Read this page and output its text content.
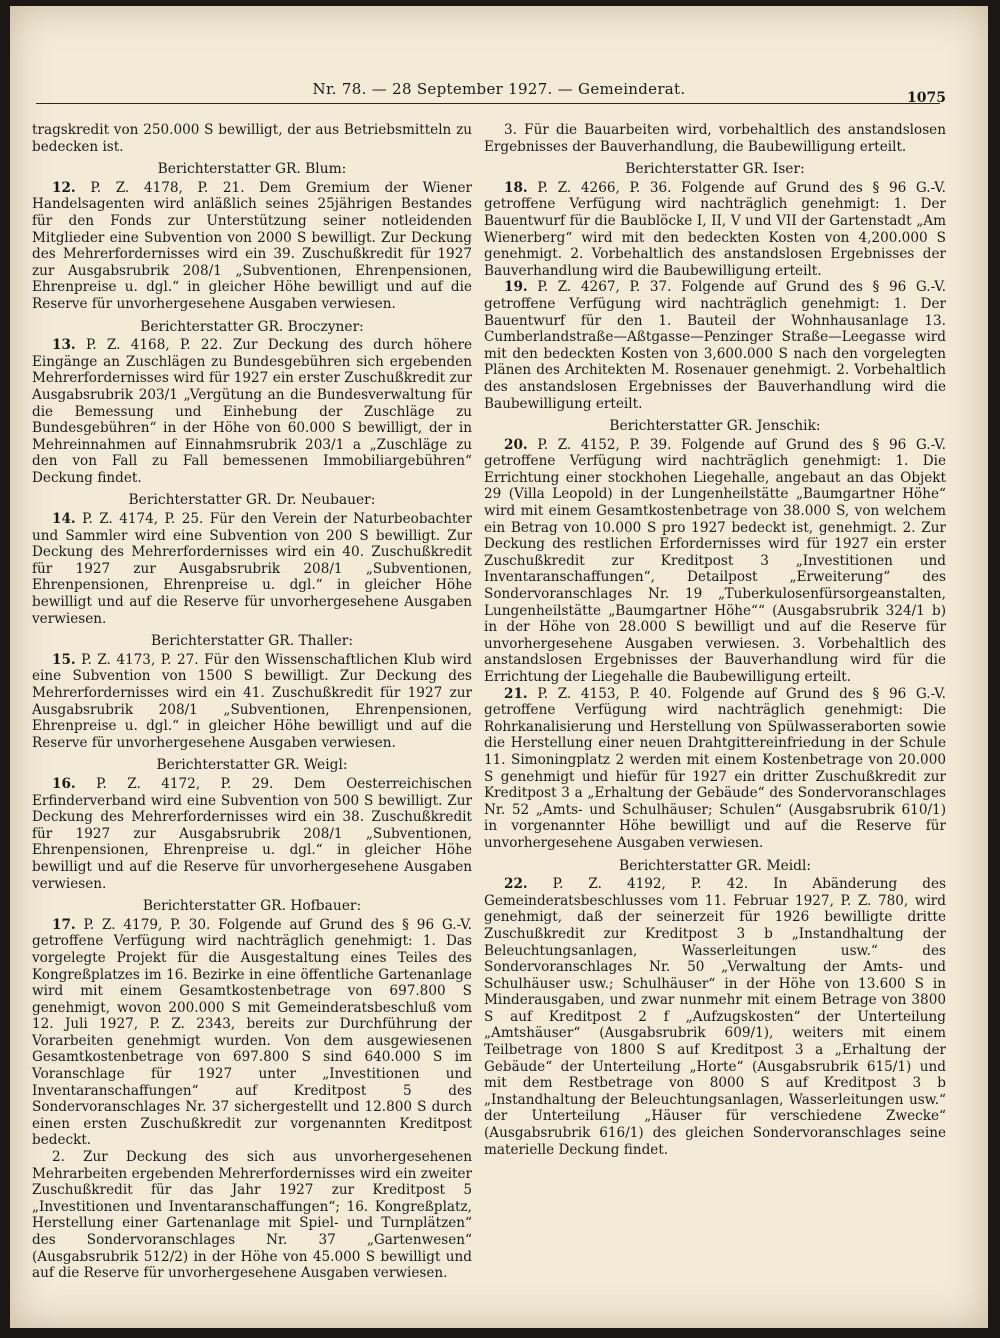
Nr. 78. — 28 September 1927. — Gemeinderat.	1075

tragskredit von 250.000 S bewilligt, der aus Betriebsmitteln zu bedecken ist.

Berichterstatter GR. Blum:

12. P. Z. 4178, P. 21. Dem Gremium der Wiener Handelsagenten wird anläßlich seines 25jährigen Bestandes für den Fonds zur Unterstützung seiner notleidenden Mitglieder eine Subvention von 2000 S bewilligt. Zur Deckung des Mehrerfordernisses wird ein 39. Zuschußkredit für 1927 zur Ausgabsrubrik 208/1 „Subventionen, Ehrenpensionen, Ehrenpreise u. dgl.“ in gleicher Höhe bewilligt und auf die Reserve für unvorhergesehene Ausgaben verwiesen.

Berichterstatter GR. Broczyner:

13. P. Z. 4168, P. 22. Zur Deckung des durch höhere Eingänge an Zuschlägen zu Bundesgebühren sich ergebenden Mehrerfordernisses wird für 1927 ein erster Zuschußkredit zur Ausgabsrubrik 203/1 „Vergütung an die Bundesverwaltung für die Bemessung und Einhebung der Zuschläge zu Bundesgebühren“ in der Höhe von 60.000 S bewilligt, der in Mehreinnahmen auf Einnahmsrubrik 203/1 a „Zuschläge zu den von Fall zu Fall bemessenen Immobiliargebühren“ Deckung findet.

Berichterstatter GR. Dr. Neubauer:

14. P. Z. 4174, P. 25. Für den Verein der Naturbeobachter und Sammler wird eine Subvention von 200 S bewilligt. Zur Deckung des Mehrerfordernisses wird ein 40. Zuschußkredit für 1927 zur Ausgabsrubrik 208/1 „Subventionen, Ehrenpensionen, Ehrenpreise u. dgl.“ in gleicher Höhe bewilligt und auf die Reserve für unvorhergesehene Ausgaben verwiesen.

Berichterstatter GR. Thaller:

15. P. Z. 4173, P. 27. Für den Wissenschaftlichen Klub wird eine Subvention von 1500 S bewilligt. Zur Deckung des Mehrerfordernisses wird ein 41. Zuschußkredit für 1927 zur Ausgabsrubrik 208/1 „Subventionen, Ehrenpensionen, Ehrenpreise u. dgl.“ in gleicher Höhe bewilligt und auf die Reserve für unvorhergesehene Ausgaben verwiesen.

Berichterstatter GR. Weigl:

16. P. Z. 4172, P. 29. Dem Oesterreichischen Erfinderverband wird eine Subvention von 500 S bewilligt. Zur Deckung des Mehrerfordernisses wird ein 38. Zuschußkredit für 1927 zur Ausgabsrubrik 208/1 „Subventionen, Ehrenpensionen, Ehrenpreise u. dgl.“ in gleicher Höhe bewilligt und auf die Reserve für unvorhergesehene Ausgaben verwiesen.

Berichterstatter GR. Hofbauer:

17. P. Z. 4179, P. 30. Folgende auf Grund des § 96 G.-V. getroffene Verfügung wird nachträglich genehmigt: 1. Das vorgelegte Projekt für die Ausgestaltung eines Teiles des Kongreßplatzes im 16. Bezirke in eine öffentliche Gartenanlage wird mit einem Gesamtkostenbetrage von 697.800 S genehmigt, wovon 200.000 S mit Gemeinderatsbeschluß vom 12. Juli 1927, P. Z. 2343, bereits zur Durchführung der Vorarbeiten genehmigt wurden. Von dem ausgewiesenen Gesamtkostenbetrage von 697.800 S sind 640.000 S im Voranschlage für 1927 unter „Investitionen und Inventaranschaffungen“ auf Kreditpost 5 des Sondervoranschlages Nr. 37 sichergestellt und 12.800 S durch einen ersten Zuschußkredit zur vorgenannten Kreditpost bedeckt.

2. Zur Deckung des sich aus unvorhergesehenen Mehrarbeiten ergebenden Mehrerfordernisses wird ein zweiter Zuschußkredit für das Jahr 1927 zur Kreditpost 5 „Investitionen und Inventaranschaffungen“; 16. Kongreßplatz, Herstellung einer Gartenanlage mit Spiel- und Turnplätzen“ des Sondervoranschlages Nr. 37 „Gartenwesen“ (Ausgabsrubrik 512/2) in der Höhe von 45.000 S bewilligt und auf die Reserve für unvorhergesehene Ausgaben verwiesen.

3. Für die Bauarbeiten wird, vorbehaltlich des anstandslosen Ergebnisses der Bauverhandlung, die Baubewilligung erteilt.

Berichterstatter GR. Iser:

18. P. Z. 4266, P. 36. Folgende auf Grund des § 96 G.-V. getroffene Verfügung wird nachträglich genehmigt: 1. Der Bauentwurf für die Baublöcke I, II, V und VII der Gartenstadt „Am Wienerberg“ wird mit den bedeckten Kosten von 4,200.000 S genehmigt. 2. Vorbehaltlich des anstandslosen Ergebnisses der Bauverhandlung wird die Baubewilligung erteilt.

19. P. Z. 4267, P. 37. Folgende auf Grund des § 96 G.-V. getroffene Verfügung wird nachträglich genehmigt: 1. Der Bauentwurf für den 1. Bauteil der Wohnhausanlage 13. Cumberlandstraße—Aßtgasse—Penzinger Straße—Leegasse wird mit den bedeckten Kosten von 3,600.000 S nach den vorgelegten Plänen des Architekten M. Rosenauer genehmigt. 2. Vorbehaltlich des anstandslosen Ergebnisses der Bauverhandlung wird die Baubewilligung erteilt.

Berichterstatter GR. Jenschik:

20. P. Z. 4152, P. 39. Folgende auf Grund des § 96 G.-V. getroffene Verfügung wird nachträglich genehmigt: 1. Die Errichtung einer stockhohen Liegehalle, angebaut an das Objekt 29 (Villa Leopold) in der Lungenheilstätte „Baumgartner Höhe“ wird mit einem Gesamtkostenbetrage von 38.000 S, von welchem ein Betrag von 10.000 S pro 1927 bedeckt ist, genehmigt. 2. Zur Deckung des restlichen Erfordernisses wird für 1927 ein erster Zuschußkredit zur Kreditpost 3 „Investitionen und Inventaranschaffungen“, Detailpost „Erweiterung“ des Sondervoranschlages Nr. 19 „Tuberkulosenfürsorgeanstalten, Lungenheilstätte „Baumgartner Höhe““ (Ausgabsrubrik 324/1 b) in der Höhe von 28.000 S bewilligt und auf die Reserve für unvorhergesehene Ausgaben verwiesen. 3. Vorbehaltlich des anstandslosen Ergebnisses der Bauverhandlung wird für die Errichtung der Liegehalle die Baubewilligung erteilt.

21. P. Z. 4153, P. 40. Folgende auf Grund des § 96 G.-V. getroffene Verfügung wird nachträglich genehmigt: Die Rohrkanalisierung und Herstellung von Spülwasseraborten sowie die Herstellung einer neuen Drahtgittereinfriedung in der Schule 11. Simoningplatz 2 werden mit einem Kostenbetrage von 20.000 S genehmigt und hiefür für 1927 ein dritter Zuschußkredit zur Kreditpost 3 a „Erhaltung der Gebäude“ des Sondervoranschlages Nr. 52 „Amts- und Schulhäuser; Schulen“ (Ausgabsrubrik 610/1) in vorgenannter Höhe bewilligt und auf die Reserve für unvorhergesehene Ausgaben verwiesen.

Berichterstatter GR. Meidl:

22. P. Z. 4192, P. 42. In Abänderung des Gemeinderatsbeschlusses vom 11. Februar 1927, P. Z. 780, wird genehmigt, daß der seinerzeit für 1926 bewilligte dritte Zuschußkredit zur Kreditpost 3 b „Instandhaltung der Beleuchtungsanlagen, Wasserleitungen usw.“ des Sondervoranschlages Nr. 50 „Verwaltung der Amts- und Schulhäuser usw.; Schulhäuser“ in der Höhe von 13.600 S in Minderausgaben, und zwar nunmehr mit einem Betrage von 3800 S auf Kreditpost 2 f „Aufzugskosten“ der Unterteilung „Amtshäuser“ (Ausgabsrubrik 609/1), weiters mit einem Teilbetrage von 1800 S auf Kreditpost 3 a „Erhaltung der Gebäude“ der Unterteilung „Horte“ (Ausgabsrubrik 615/1) und mit dem Restbetrage von 8000 S auf Kreditpost 3 b „Instandhaltung der Beleuchtungsanlagen, Wasserleitungen usw.“ der Unterteilung „Häuser für verschiedene Zwecke“ (Ausgabsrubrik 616/1) des gleichen Sondervoranschlages seine materielle Deckung findet.
